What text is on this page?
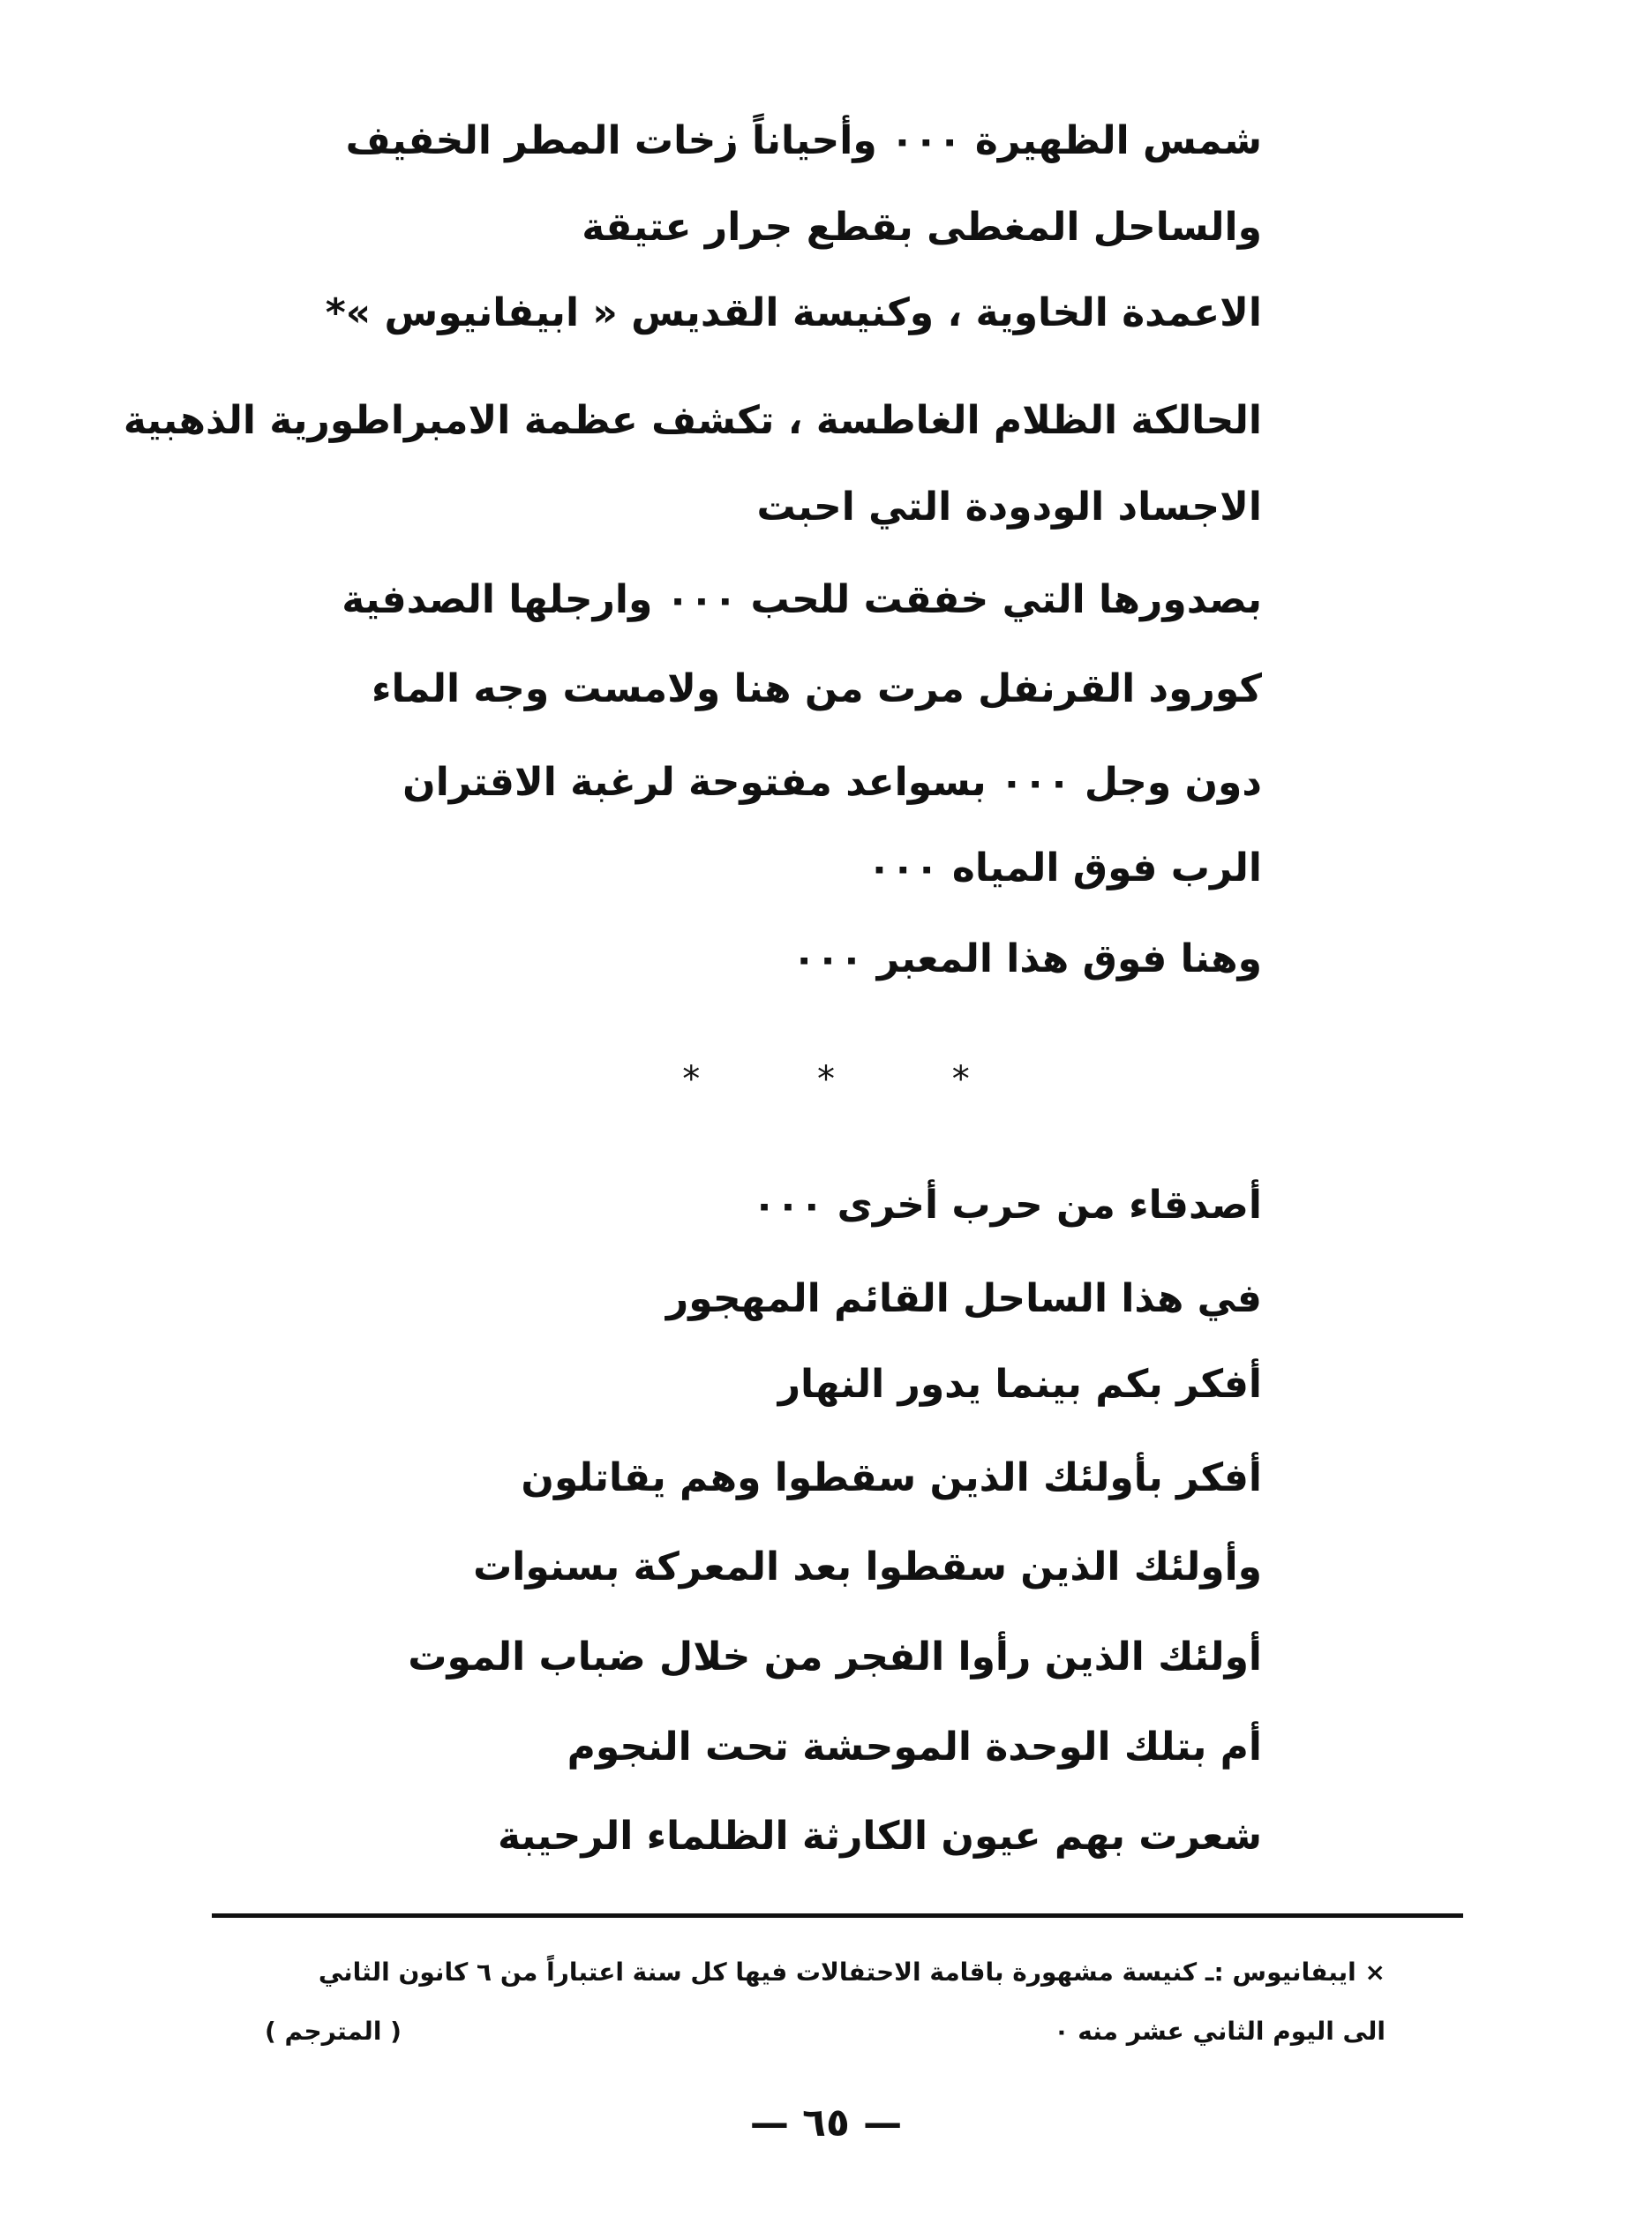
شمس الظهيرة ٠٠٠ وأحياناً زخات المطر الخفيف
والساحل المغطى بقطع جرار عتيقة
الاعمدة الخاوية ، وكنيسة القديس « ابيفانيوس »*
الحالكة الظلام الغاطسة ، تكشف عظمة الامبراطورية الذهبية
الاجساد الودودة التي احبت
بصدورها التي خفقت للحب ٠٠٠ وارجلها الصدفية
كورود القرنفل مرت من هنا ولامست وجه الماء
دون وجل ٠٠٠ بسواعد مفتوحة لرغبة الاقتران
الرب فوق المياه ٠٠٠
وهنا فوق هذا المعبر ٠٠٠
أصدقاء من حرب أخرى ٠٠٠
في هذا الساحل القائم المهجور
أفكر بكم بينما يدور النهار
أفكر بأولئك الذين سقطوا وهم يقاتلون
وأولئك الذين سقطوا بعد المعركة بسنوات
أولئك الذين رأوا الفجر من خلال ضباب الموت
أم بتلك الوحدة الموحشة تحت النجوم
شعرت بهم عيون الكارثة الظلماء الرحيبة
* * *
× ايبفانيوس :ـ كنيسة مشهورة باقامة الاحتفالات فيها كل سنة اعتباراً من ٦ كانون الثاني
الى اليوم الثاني عشر منه ٠
( المترجم )
— ٦٥ —
